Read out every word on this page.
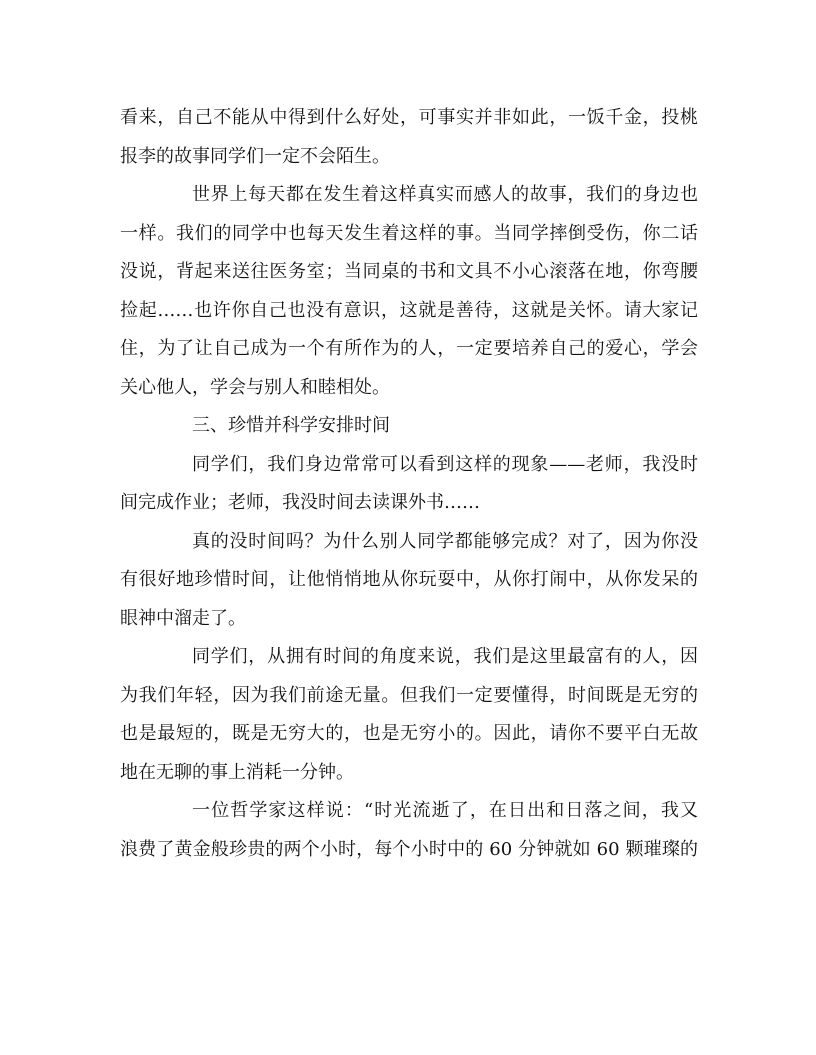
看来，自己不能从中得到什么好处，可事实并非如此，一饭千金，投桃
报李的故事同学们一定不会陌生。
世界上每天都在发生着这样真实而感人的故事，我们的身边也
一样。我们的同学中也每天发生着这样的事。当同学摔倒受伤，你二话
没说，背起来送往医务室；当同桌的书和文具不小心滚落在地，你弯腰
捡起……也许你自己也没有意识，这就是善待，这就是关怀。请大家记
住，为了让自己成为一个有所作为的人，一定要培养自己的爱心，学会
关心他人，学会与别人和睦相处。
三、珍惜并科学安排时间
同学们，我们身边常常可以看到这样的现象——老师，我没时
间完成作业；老师，我没时间去读课外书……
真的没时间吗？为什么别人同学都能够完成？对了，因为你没
有很好地珍惜时间，让他悄悄地从你玩耍中，从你打闹中，从你发呆的
眼神中溜走了。
同学们，从拥有时间的角度来说，我们是这里最富有的人，因
为我们年轻，因为我们前途无量。但我们一定要懂得，时间既是无穷的
也是最短的，既是无穷大的，也是无穷小的。因此，请你不要平白无故
地在无聊的事上消耗一分钟。
一位哲学家这样说：“时光流逝了，在日出和日落之间，我又
浪费了黄金般珍贵的两个小时，每个小时中的 60 分钟就如 60 颗璀璨的
